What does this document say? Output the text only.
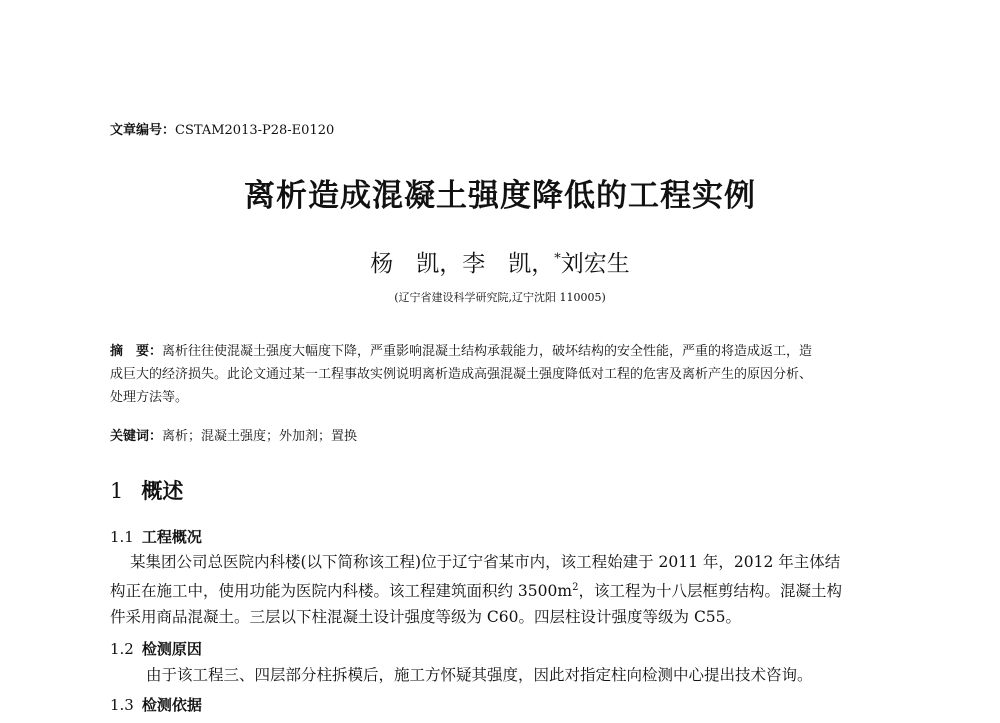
文章编号：CSTAM2013-P28-E0120
离析造成混凝土强度降低的工程实例
杨　凯，李　凯，*刘宏生
(辽宁省建设科学研究院,辽宁沈阳 110005)
摘　要：离析往往使混凝土强度大幅度下降，严重影响混凝土结构承载能力，破坏结构的安全性能，严重的将造成返工，造
成巨大的经济损失。此论文通过某一工程事故实例说明离析造成高强混凝土强度降低对工程的危害及离析产生的原因分析、
处理方法等。
关键词：离析；混凝土强度；外加剂；置换
1 概述
1.1 工程概况
某集团公司总医院内科楼(以下简称该工程)位于辽宁省某市内，该工程始建于 2011 年，2012 年主体结
构正在施工中，使用功能为医院内科楼。该工程建筑面积约 $3500m^2$，该工程为十八层框剪结构。混凝土构
件采用商品混凝土。三层以下柱混凝土设计强度等级为 C60。四层柱设计强度等级为 C55。
1.2 检测原因
由于该工程三、四层部分柱拆模后，施工方怀疑其强度，因此对指定柱向检测中心提出技术咨询。
1.3 检测依据
